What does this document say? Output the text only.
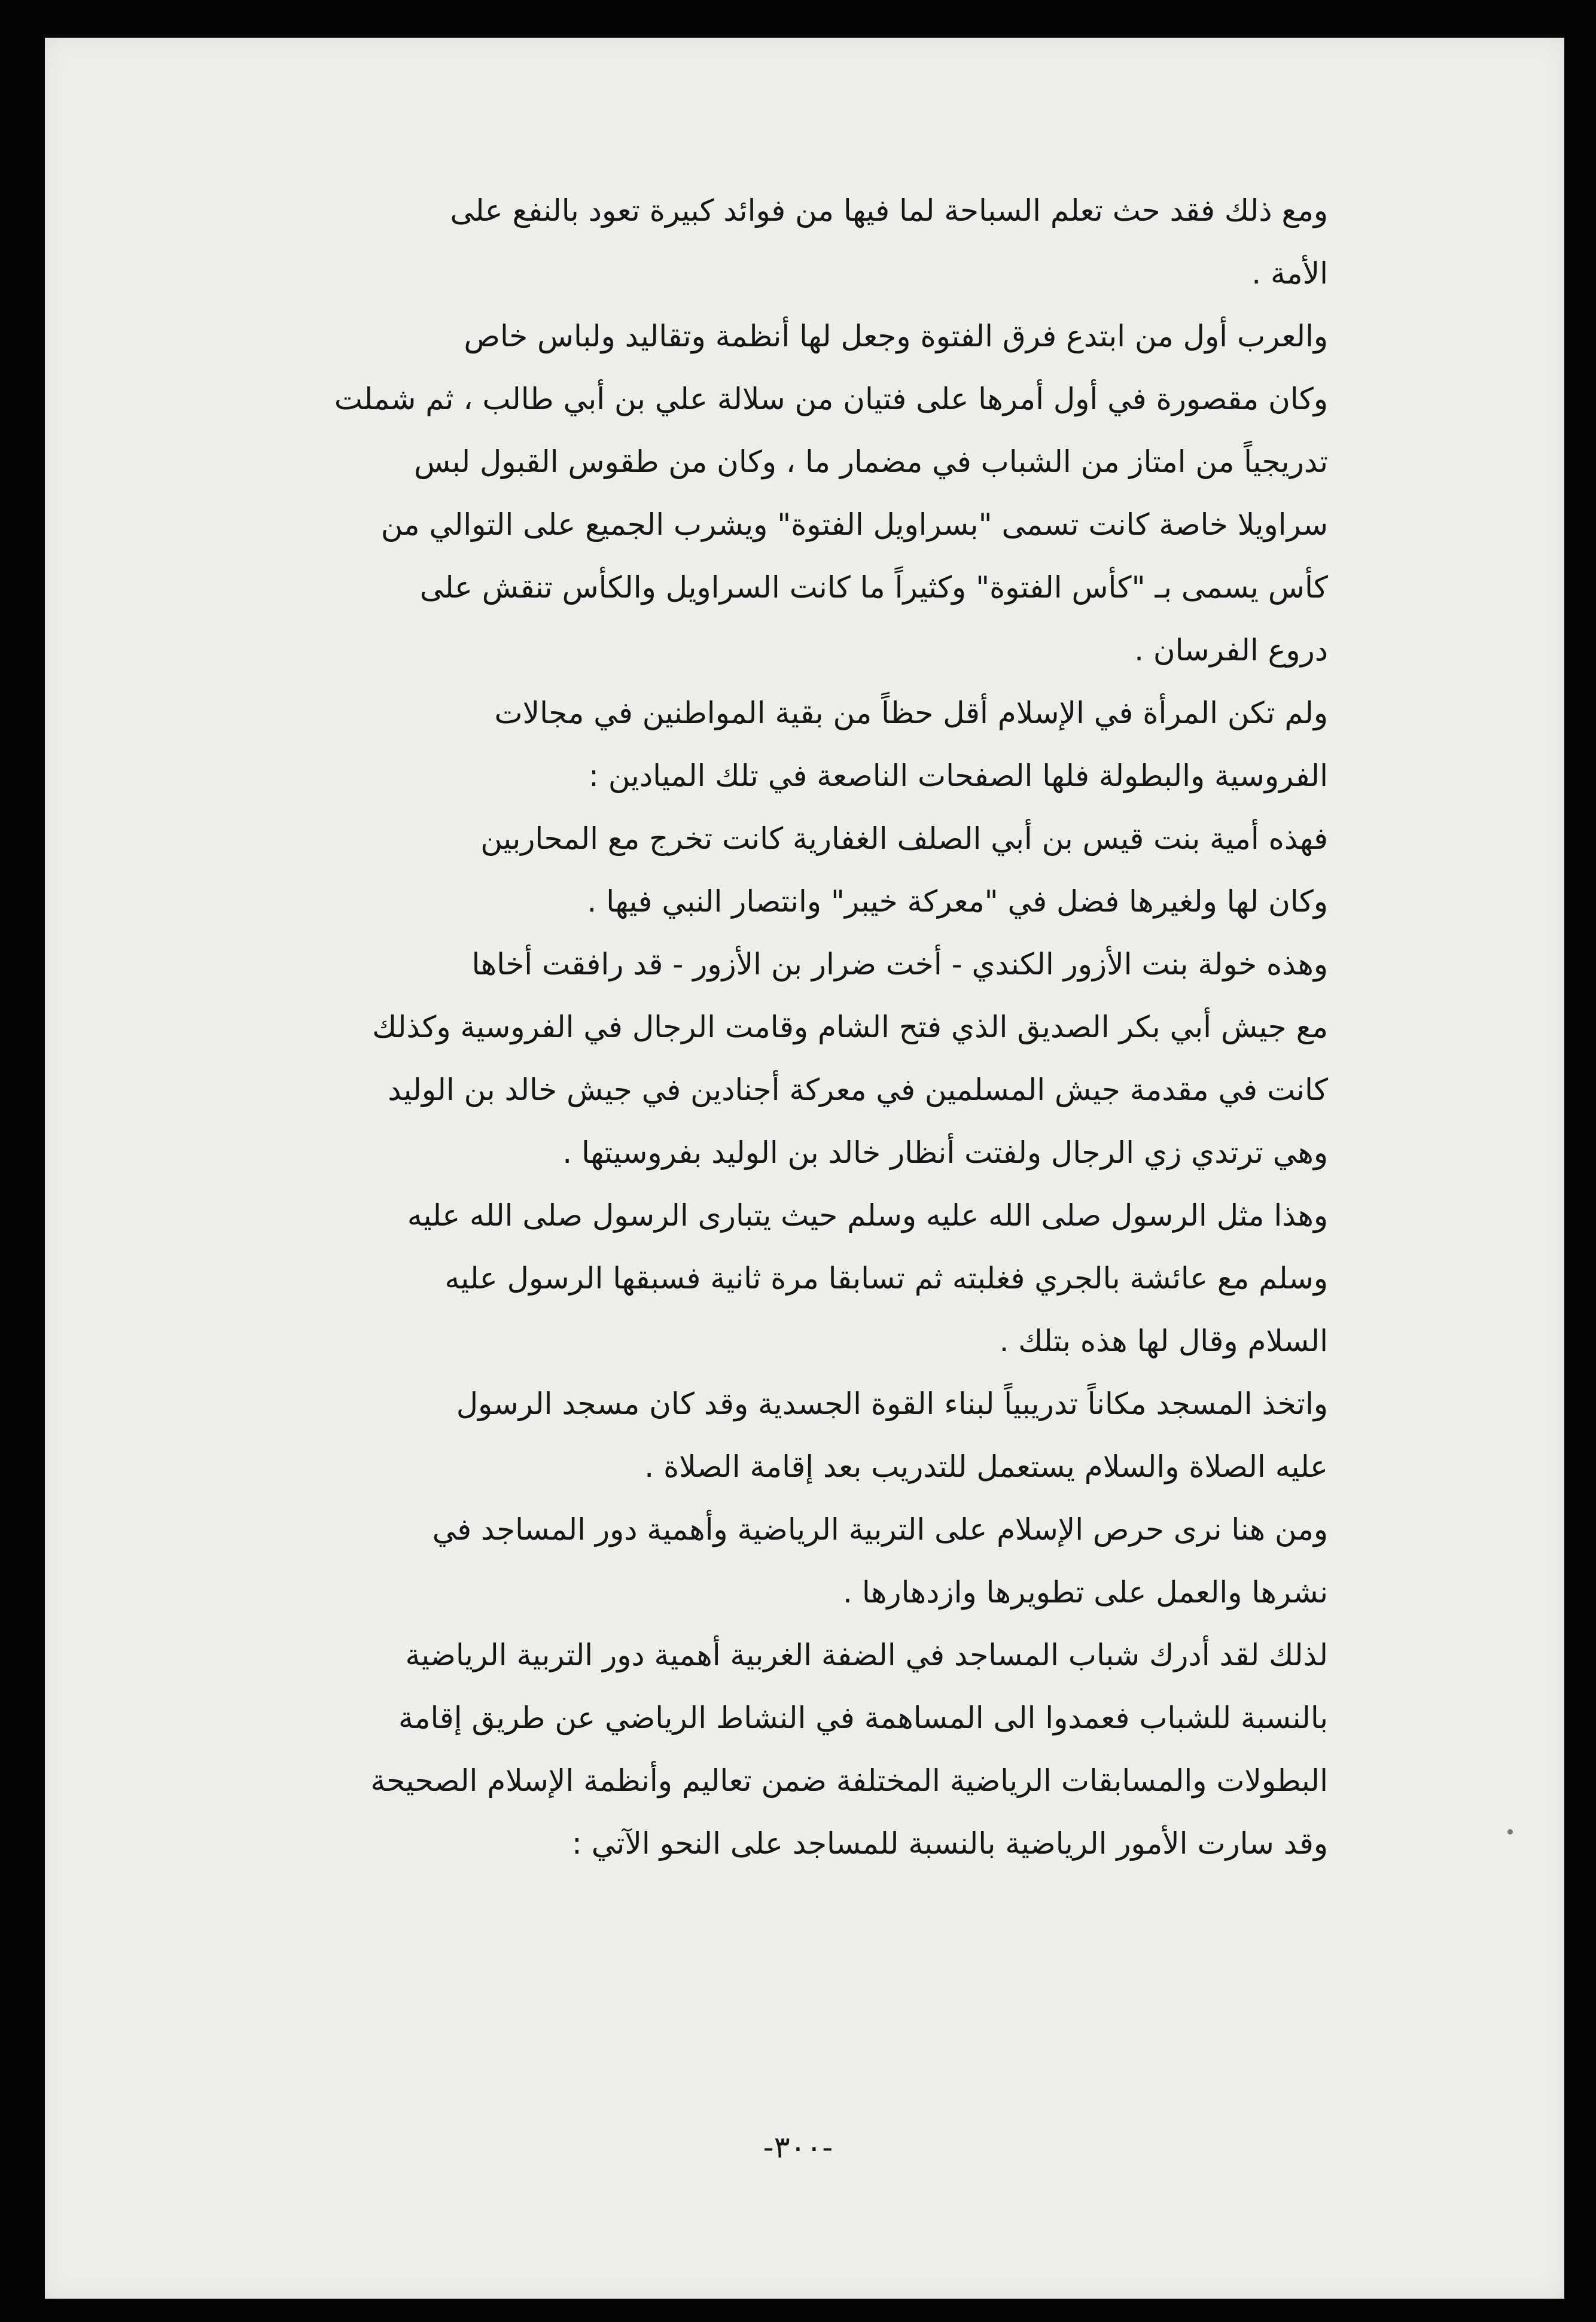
ومع ذلك فقد حث تعلم السباحة لما فيها من فوائد كبيرة تعود بالنفع على
الأمة .

والعرب أول من ابتدع فرق الفتوة وجعل لها أنظمة وتقاليد ولباس خاص
وكان مقصورة في أول أمرها على فتيان من سلالة علي بن أبي طالب ، ثم شملت
تدريجياً من امتاز من الشباب في مضمار ما ، وكان من طقوس القبول لبس
سراويلا خاصة كانت تسمى "بسراويل الفتوة" ويشرب الجميع على التوالي من
كأس يسمى بـ "كأس الفتوة" وكثيراً ما كانت السراويل والكأس تنقش على
دروع الفرسان .

ولم تكن المرأة في الإسلام أقل حظاً من بقية المواطنين في مجالات
الفروسية والبطولة فلها الصفحات الناصعة في تلك الميادين :

فهذه أمية بنت قيس بن أبي الصلف الغفارية كانت تخرج مع المحاربين
وكان لها ولغيرها فضل في "معركة خيبر" وانتصار النبي فيها .

وهذه خولة بنت الأزور الكندي - أخت ضرار بن الأزور - قد رافقت أخاها
مع جيش أبي بكر الصديق الذي فتح الشام وقامت الرجال في الفروسية وكذلك
كانت في مقدمة جيش المسلمين في معركة أجنادين في جيش خالد بن الوليد
وهي ترتدي زي الرجال ولفتت أنظار خالد بن الوليد بفروسيتها .

وهذا مثل الرسول صلى الله عليه وسلم حيث يتبارى الرسول صلى الله عليه
وسلم مع عائشة بالجري فغلبته ثم تسابقا مرة ثانية فسبقها الرسول عليه
السلام وقال لها هذه بتلك .

واتخذ المسجد مكاناً تدريبياً لبناء القوة الجسدية وقد كان مسجد الرسول
عليه الصلاة والسلام يستعمل للتدريب بعد إقامة الصلاة .

ومن هنا نرى حرص الإسلام على التربية الرياضية وأهمية دور المساجد في
نشرها والعمل على تطويرها وازدهارها .

لذلك لقد أدرك شباب المساجد في الضفة الغربية أهمية دور التربية الرياضية
بالنسبة للشباب فعمدوا الى المساهمة في النشاط الرياضي عن طريق إقامة
البطولات والمسابقات الرياضية المختلفة ضمن تعاليم وأنظمة الإسلام الصحيحة
وقد سارت الأمور الرياضية بالنسبة للمساجد على النحو الآتي :

-٣٠٠-
